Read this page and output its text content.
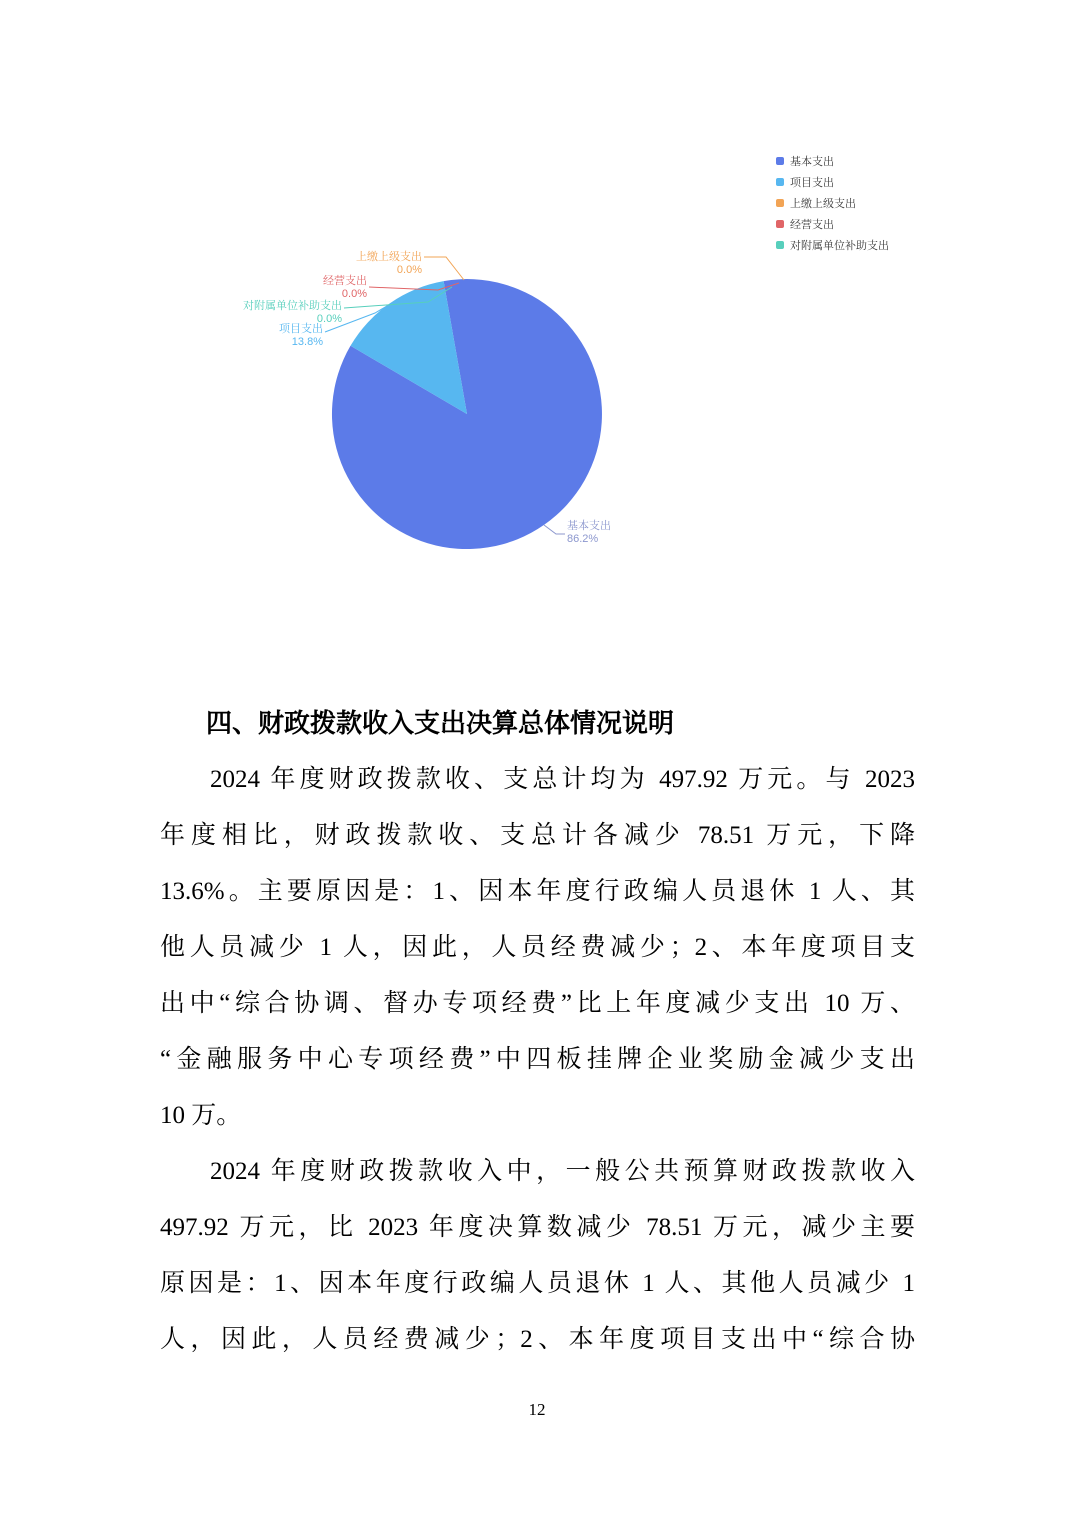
基本支出
项目支出
上缴上级支出
经营支出
对附属单位补助支出
基本支出
86.2%
项目支出
13.8%
上缴上级支出
0.0%
经营支出
0.0%
对附属单位补助支出
0.0%
四、财政拨款收入支出决算总体情况说明
2024 年度财政拨款收、支总计均为 497.92 万元。与 2023
年度相比，财政拨款收、支总计各减少 78.51 万元，下降
13.6%。主要原因是：1、因本年度行政编人员退休 1 人、其
他人员减少 1 人，因此，人员经费减少；2、本年度项目支
出中“综合协调、督办专项经费”比上年度减少支出 10 万、
“金融服务中心专项经费”中四板挂牌企业奖励金减少支出
10 万。
2024 年度财政拨款收入中，一般公共预算财政拨款收入
497.92 万元，比 2023 年度决算数减少 78.51 万元，减少主要
原因是：1、因本年度行政编人员退休 1 人、其他人员减少 1
人，因此，人员经费减少；2、本年度项目支出中“综合协
12
